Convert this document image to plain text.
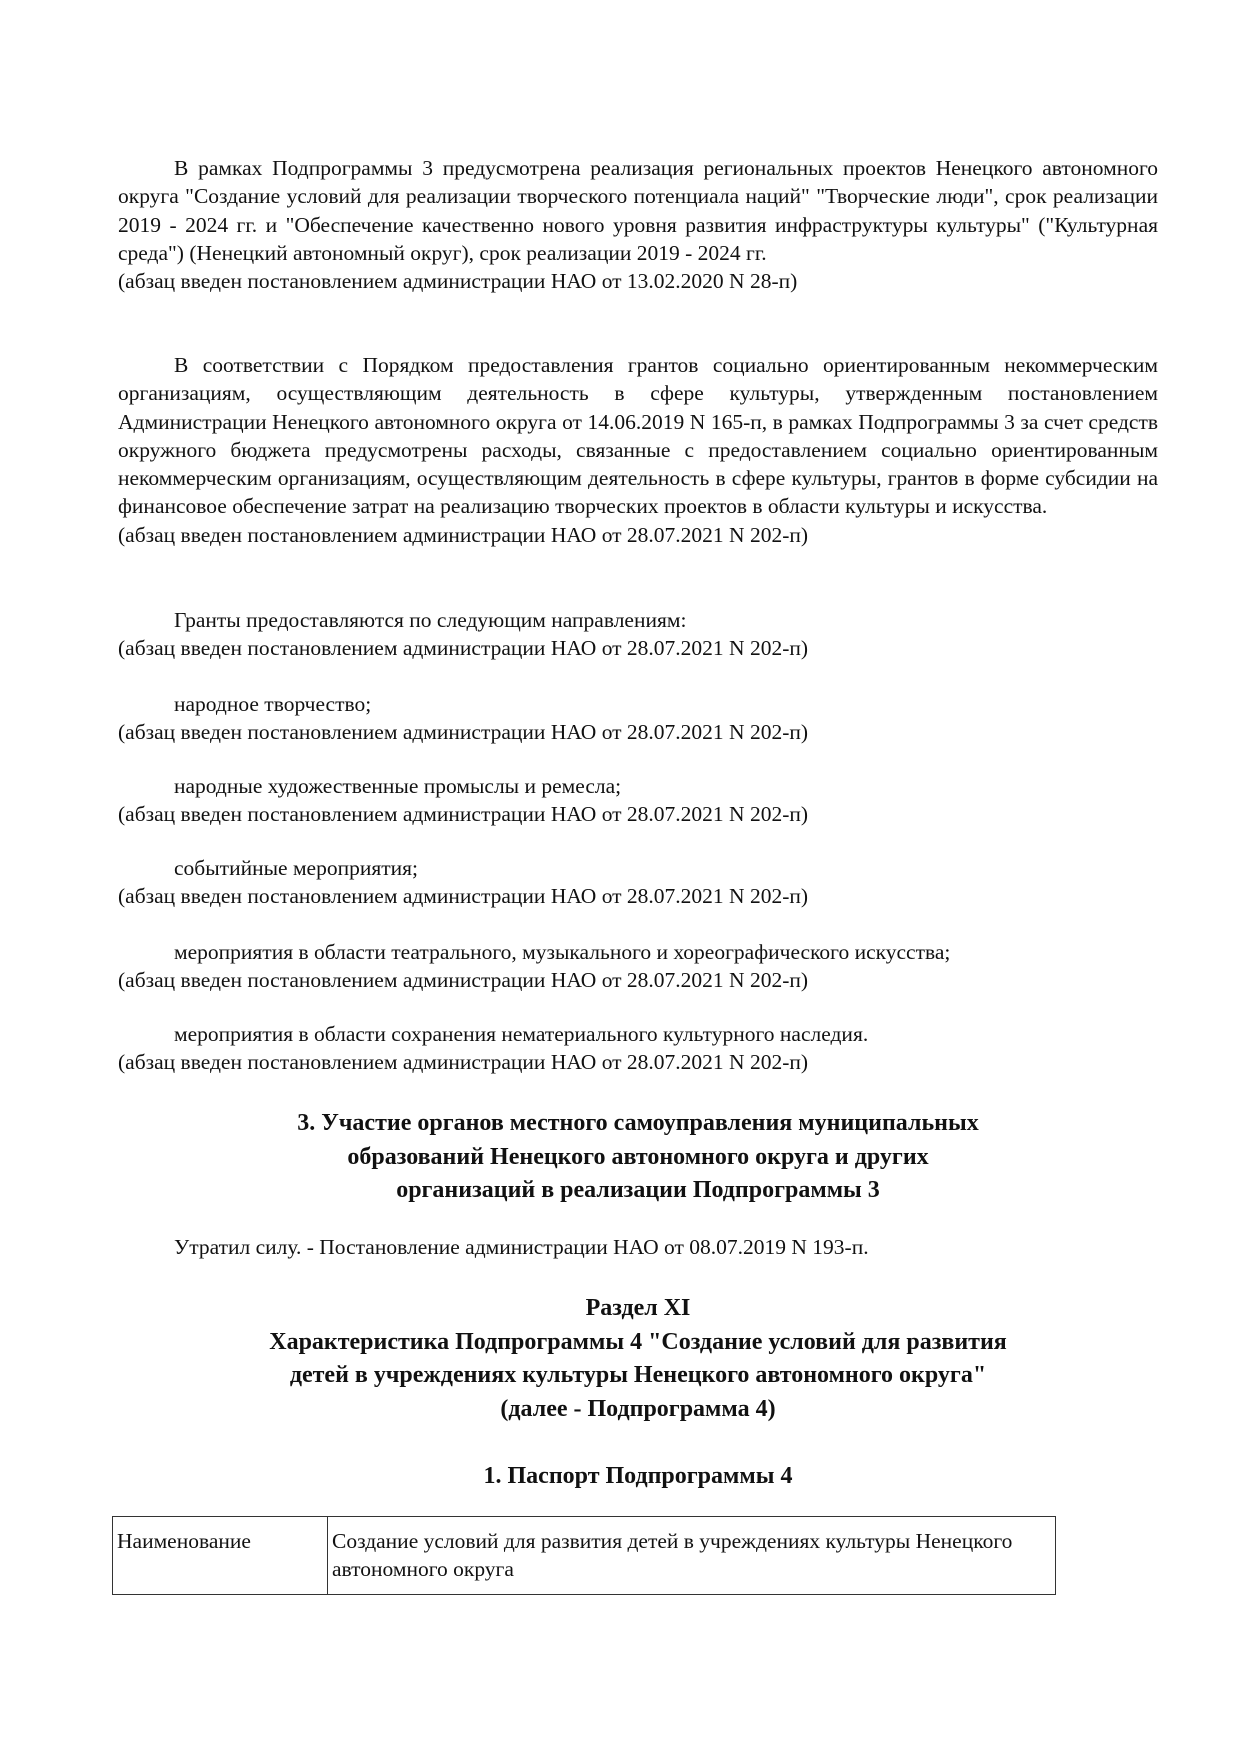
В рамках Подпрограммы 3 предусмотрена реализация региональных проектов Ненецкого автономного округа "Создание условий для реализации творческого потенциала наций" "Творческие люди", срок реализации 2019 - 2024 гг. и "Обеспечение качественно нового уровня развития инфраструктуры культуры" ("Культурная среда") (Ненецкий автономный округ), срок реализации 2019 - 2024 гг.

(абзац введен постановлением администрации НАО от 13.02.2020 N 28-п)

В соответствии с Порядком предоставления грантов социально ориентированным некоммерческим организациям, осуществляющим деятельность в сфере культуры, утвержденным постановлением Администрации Ненецкого автономного округа от 14.06.2019 N 165-п, в рамках Подпрограммы 3 за счет средств окружного бюджета предусмотрены расходы, связанные с предоставлением социально ориентированным некоммерческим организациям, осуществляющим деятельность в сфере культуры, грантов в форме субсидии на финансовое обеспечение затрат на реализацию творческих проектов в области культуры и искусства.

(абзац введен постановлением администрации НАО от 28.07.2021 N 202-п)

Гранты предоставляются по следующим направлениям:

(абзац введен постановлением администрации НАО от 28.07.2021 N 202-п)

народное творчество;

(абзац введен постановлением администрации НАО от 28.07.2021 N 202-п)

народные художественные промыслы и ремесла;

(абзац введен постановлением администрации НАО от 28.07.2021 N 202-п)

событийные мероприятия;

(абзац введен постановлением администрации НАО от 28.07.2021 N 202-п)

мероприятия в области театрального, музыкального и хореографического искусства;

(абзац введен постановлением администрации НАО от 28.07.2021 N 202-п)

мероприятия в области сохранения нематериального культурного наследия.

(абзац введен постановлением администрации НАО от 28.07.2021 N 202-п)

3. Участие органов местного самоуправления муниципальных
образований Ненецкого автономного округа и других
организаций в реализации Подпрограммы 3

Утратил силу. - Постановление администрации НАО от 08.07.2019 N 193-п.

Раздел XI
Характеристика Подпрограммы 4 "Создание условий для развития
детей в учреждениях культуры Ненецкого автономного округа"
(далее - Подпрограмма 4)
1. Паспорт Подпрограммы 4
Наименование	Создание условий для развития детей в учреждениях культуры Ненецкого автономного округа
